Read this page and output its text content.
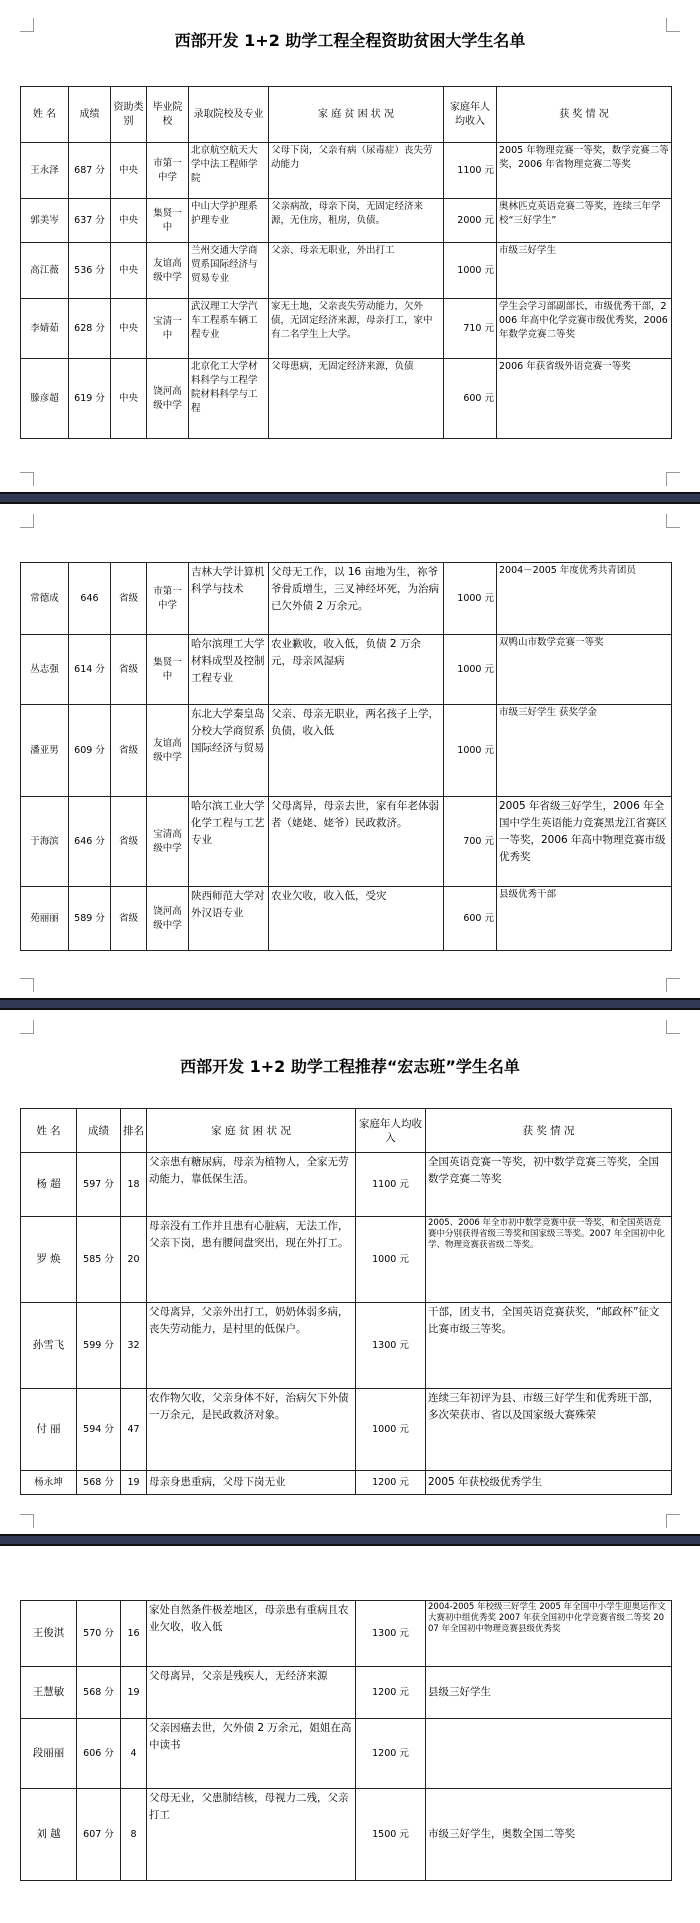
西部开发 1+2 助学工程全程资助贫困大学生名单
姓 名	成绩	资助类别	毕业院校	录取院校及专业	家 庭 贫 困 状 况	家庭年人均收入	获 奖 情 况
王永泽	687 分	中央	市第一中学	北京航空航天大学中法工程师学院	父母下岗，父亲有病（尿毒症）丧失劳动能力	1100 元	2005 年物理竞赛一等奖，数学竞赛二等奖，2006 年省物理竞赛二等奖
郭美岑	637 分	中央	集贤一中	中山大学护理系护理专业	父亲病故，母亲下岗，无固定经济来源，无住房，租房，负债。	2000 元	奥林匹克英语竞赛二等奖，连续三年学校“三好学生”
高江薇	536 分	中央	友谊高级中学	兰州交通大学商贸系国际经济与贸易专业	父亲、母亲无职业，外出打工	1000 元	市级三好学生
李婧茹	628 分	中央	宝清一中	武汉理工大学汽车工程系车辆工程专业	家无土地，父亲丧失劳动能力，欠外债，无固定经济来源，母亲打工，家中有二名学生上大学。	710 元	学生会学习部副部长，市级优秀干部，2006 年高中化学竞赛市级优秀奖，2006 年数学竞赛二等奖
滕彦超	619 分	中央	饶河高级中学	北京化工大学材料科学与工程学院材料科学与工程	父母患病，无固定经济来源，负债	600 元	2006 年获省级外语竞赛一等奖
常德成	646	省级	市第一中学	吉林大学计算机科学与技术	父母无工作，以 16 亩地为生，祢爷爷骨质增生，三叉神经坏死，为治病已欠外债 2 万余元。	1000 元	2004－2005 年度优秀共青团员
丛志强	614 分	省级	集贤一中	哈尔滨理工大学材料成型及控制工程专业	农业歉收，收入低，负债 2 万余元，母亲风湿病	1000 元	双鸭山市数学竞赛一等奖
潘亚男	609 分	省级	友谊高级中学	东北大学秦皇岛分校大学商贸系国际经济与贸易	父亲、母亲无职业，两名孩子上学，负债，收入低	1000 元	市级三好学生 获奖学金
于海滨	646 分	省级	宝清高级中学	哈尔滨工业大学化学工程与工艺专业	父母离异，母亲去世，家有年老体弱者（姥姥、姥爷）民政救济。	700 元	2005 年省级三好学生，2006 年全国中学生英语能力竞赛黑龙江省赛区一等奖，2006 年高中物理竞赛市级优秀奖
苑丽丽	589 分	省级	饶河高级中学	陕西师范大学对外汉语专业	农业欠收，收入低，受灾	600 元	县级优秀干部
西部开发 1+2 助学工程推荐“宏志班”学生名单
姓 名	成绩	排名	家 庭 贫 困 状 况	家庭年人均收入	获 奖 情 况
杨 超	597 分	18	父亲患有糖尿病，母亲为植物人，全家无劳动能力，靠低保生活。	1100 元	全国英语竞赛一等奖，初中数学竞赛三等奖，全国数学竞赛二等奖
罗 焕	585 分	20	母亲没有工作并且患有心脏病，无法工作，父亲下岗，患有腰间盘突出，现在外打工。	1000 元	2005、2006 年全市初中数学竞赛中获一等奖，和全国英语竞赛中分别获得省级三等奖和国家级三等奖。2007 年全国初中化学、物理竞赛获省级二等奖。
孙雪飞	599 分	32	父母离异，父亲外出打工，奶奶体弱多病，丧失劳动能力，是村里的低保户。	1300 元	干部，团支书，全国英语竞赛获奖，“邮政杯”征文比赛市级三等奖。
付 丽	594 分	47	农作物欠收，父亲身体不好，治病欠下外债一万余元，是民政救济对象。	1000 元	连续三年初评为县、市级三好学生和优秀班干部，多次荣获市、省以及国家级大赛殊荣
杨永坤	568 分	19	母亲身患重病，父母下岗无业	1200 元	2005 年获校级优秀学生
王俊淇	570 分	16	家处自然条件极差地区，母亲患有重病且农业欠收，收入低	1300 元	2004-2005 年校级三好学生 2005 年全国中小学生迎奥运作文大赛初中组优秀奖 2007 年获全国初中化学竞赛省级二等奖 2007 年全国初中物理竞赛县级优秀奖
王慧敏	568 分	19	父母离异，父亲是残疾人，无经济来源	1200 元	县级三好学生
段丽丽	606 分	4	父亲因癌去世，欠外债 2 万余元，姐姐在高中读书	1200 元	
刘 越	607 分	8	父母无业，父患肺结核，母视力二残，父亲打工	1500 元	市级三好学生，奥数全国二等奖
